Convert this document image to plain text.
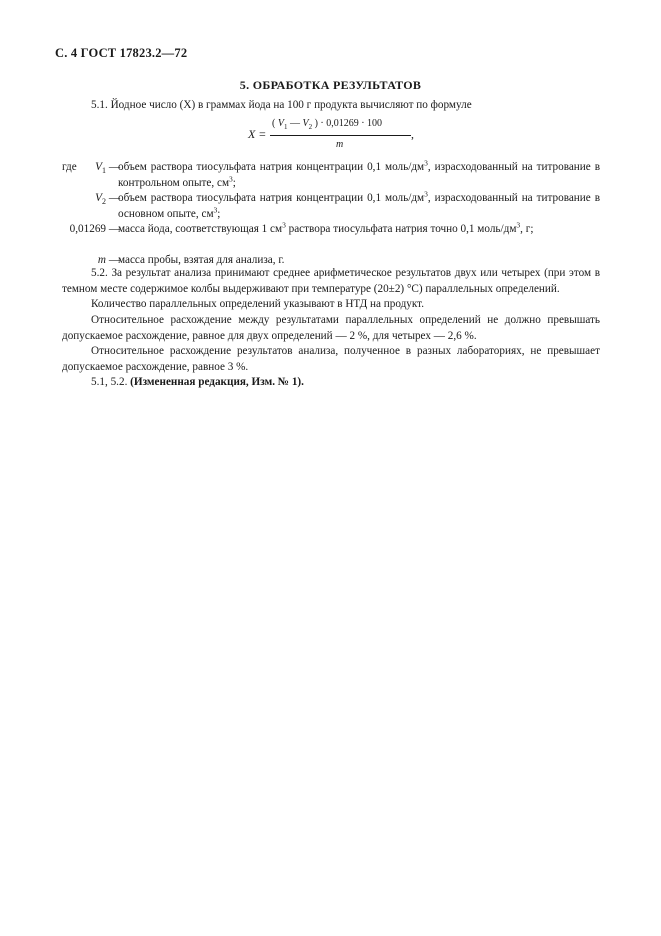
С. 4 ГОСТ 17823.2—72
5. ОБРАБОТКА РЕЗУЛЬТАТОВ
5.1. Йодное число (X) в граммах йода на 100 г продукта вычисляют по формуле
X =
( $V_1$ — $V_2$ ) · 0,01269 · 100
m
,
где $V_1$ —
объем раствора тиосульфата натрия концентрации 0,1 моль/$дм^3$, израсходованный на титрование в контрольном опыте, $см^3$;
$V_2$ —
объем раствора тиосульфата натрия концентрации 0,1 моль/$дм^3$, израсходованный на титрование в основном опыте, $см^3$;
0,01269 —
масса йода, соответствующая 1 $см^3$ раствора тиосульфата натрия точно 0,1 моль/$дм^3$, г;
m —
масса пробы, взятая для анализа, г.
5.2. За результат анализа принимают среднее арифметическое результатов двух или четырех (при этом в темном месте содержимое колбы выдерживают при температуре (20±2) °С) параллельных определений.
Количество параллельных определений указывают в НТД на продукт.
Относительное расхождение между результатами параллельных определений не должно превышать допускаемое расхождение, равное для двух определений — 2 %, для четырех — 2,6 %.
Относительное расхождение результатов анализа, полученное в разных лабораториях, не превышает допускаемое расхождение, равное 3 %.
5.1, 5.2. (Измененная редакция, Изм. № 1).
